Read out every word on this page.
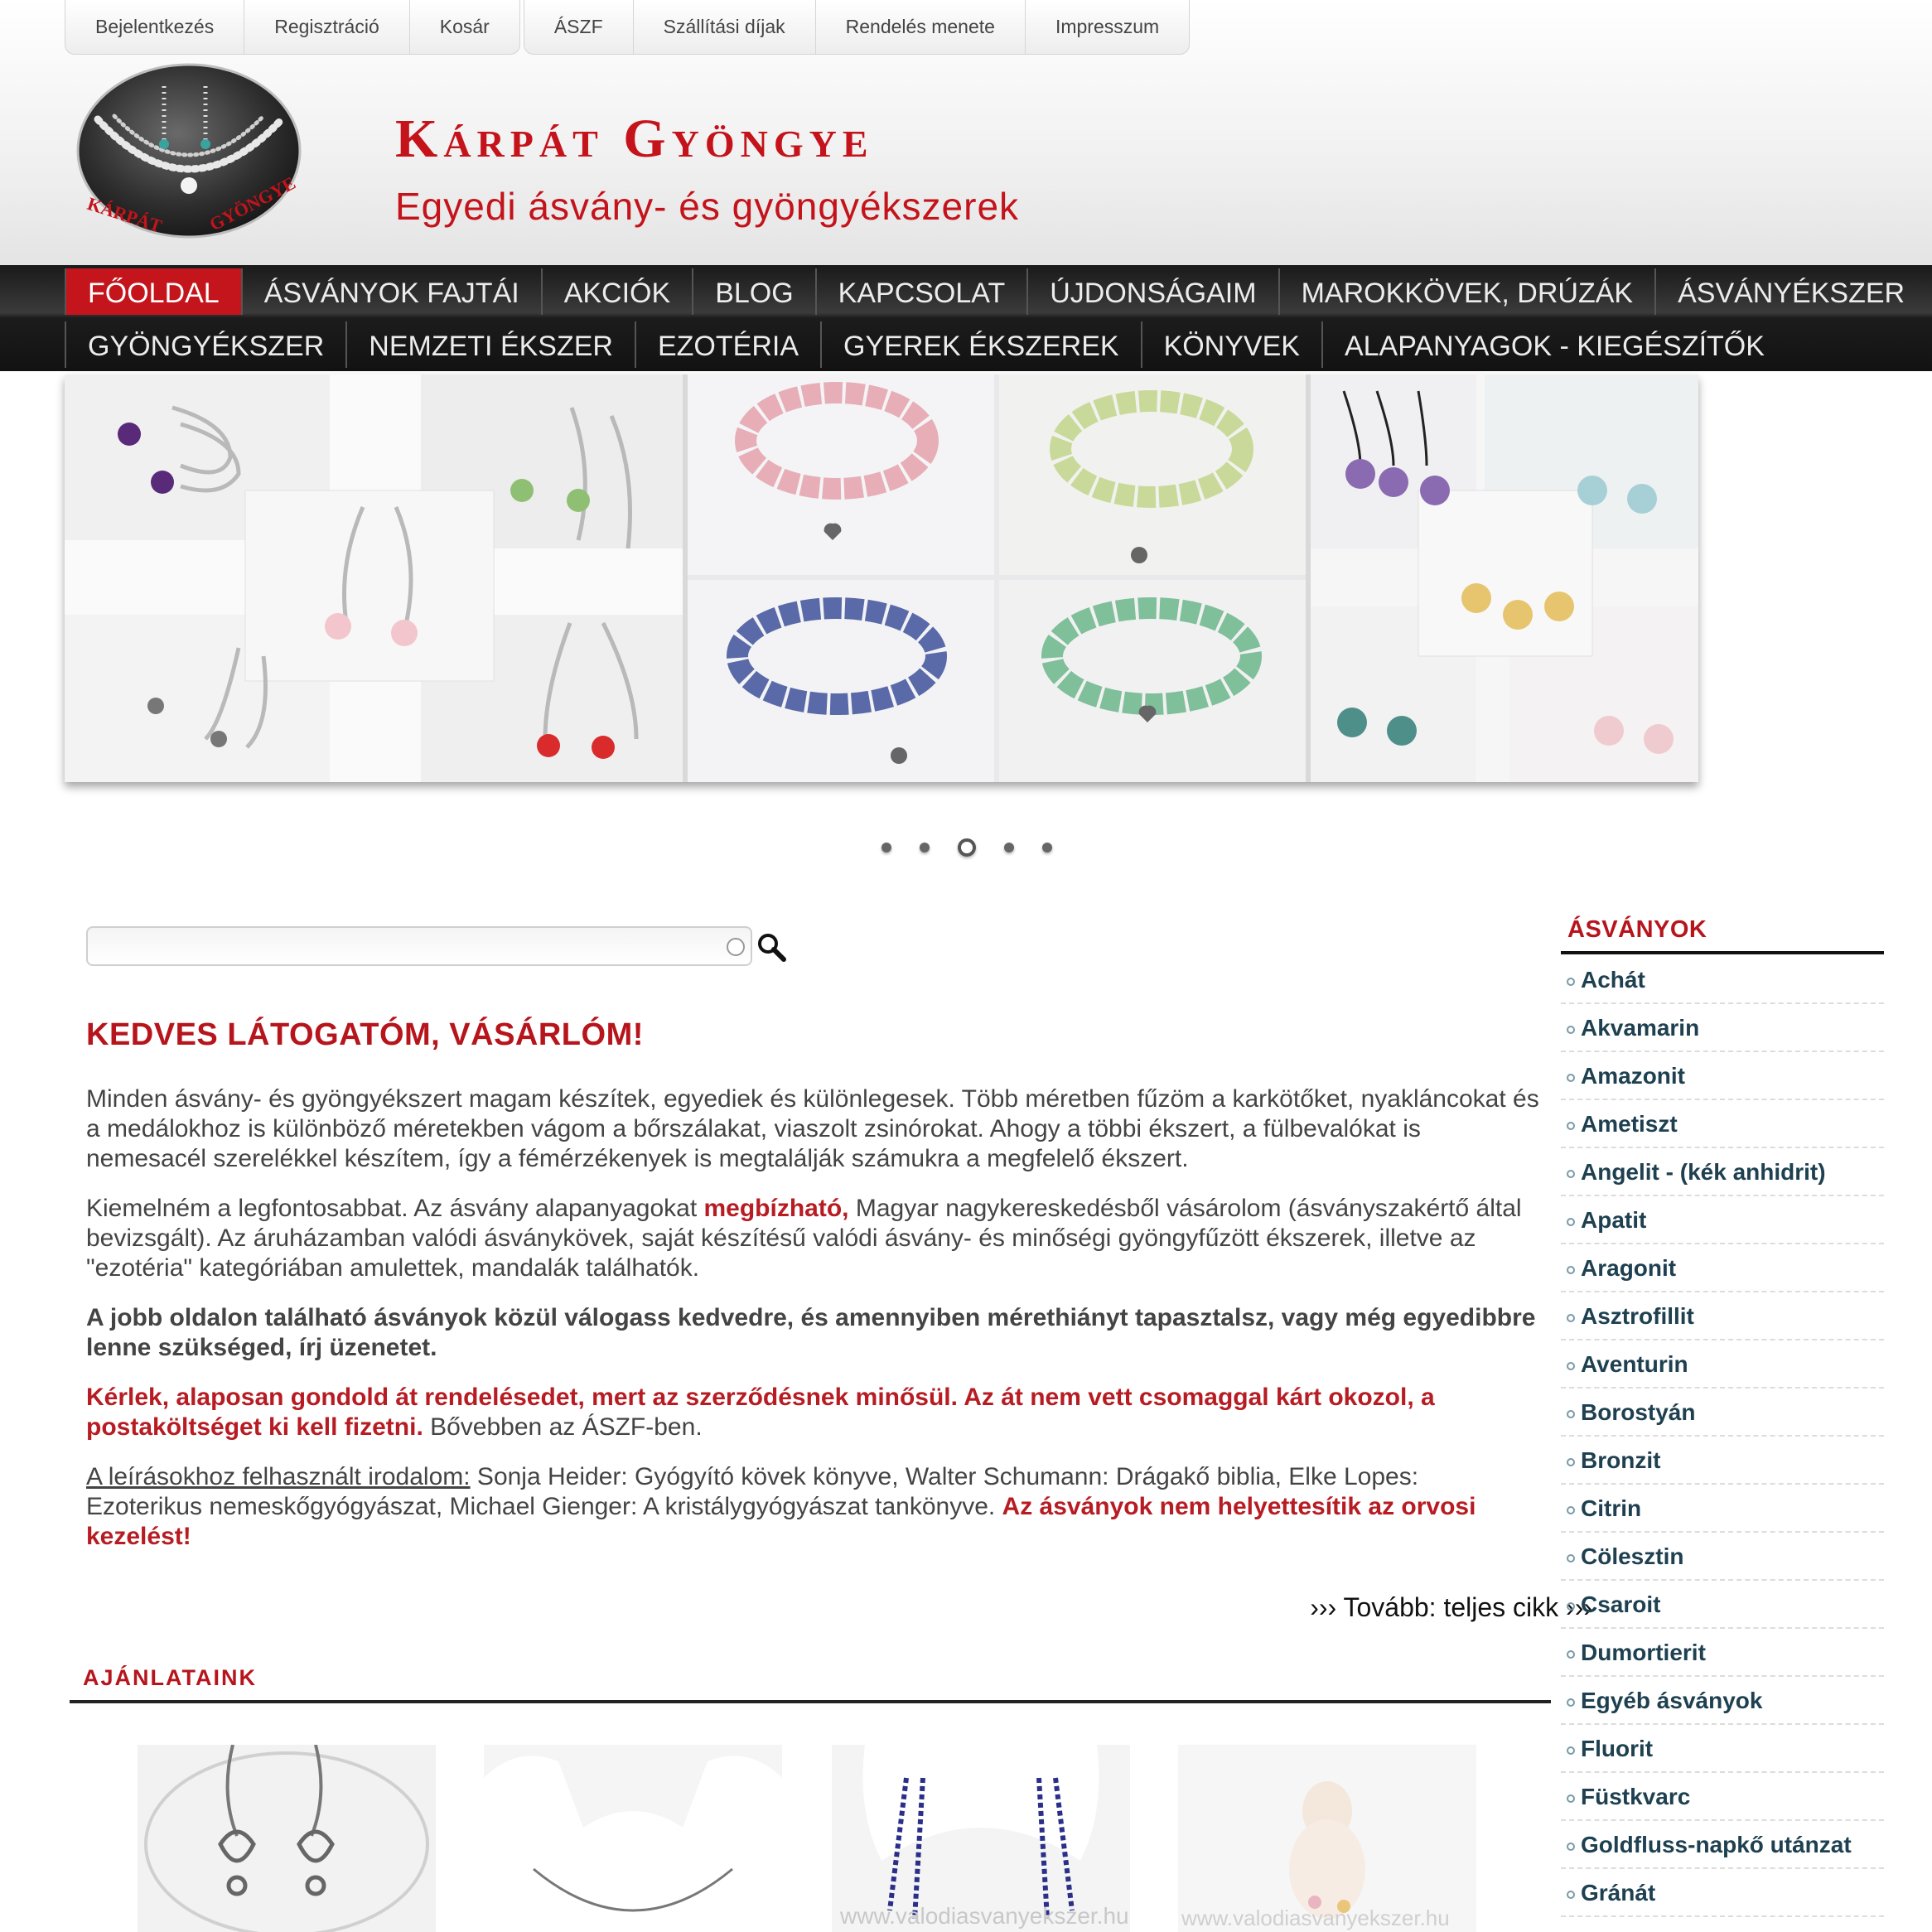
Bejelentkezés	Regisztráció	Kosár	ÁSZF	Szállítási díjak	Rendelés menete	Impresszum
KÁRPÁT GYÖNGYE
Kárpát Gyöngye
Egyedi ásvány- és gyöngyékszerek
FŐOLDAL	ÁSVÁNYOK FAJTÁI	AKCIÓK	BLOG	KAPCSOLAT	ÚJDONSÁGAIM	MAROKKÖVEK, DRÚZÁK	ÁSVÁNYÉKSZER
GYÖNGYÉKSZER	NEMZETI ÉKSZER	EZOTÉRIA	GYEREK ÉKSZEREK	KÖNYVEK	ALAPANYAGOK - KIEGÉSZÍTŐK
KEDVES LÁTOGATÓM, VÁSÁRLÓM!

Minden ásvány- és gyöngyékszert magam készítek, egyediek és különlegesek. Több méretben fűzöm a karkötőket, nyakláncokat és a medálokhoz is különböző méretekben vágom a bőrszálakat, viaszolt zsinórokat. Ahogy a többi ékszert, a fülbevalókat is nemesacél szerelékkel készítem, így a fémérzékenyek is megtalálják számukra a megfelelő ékszert.

Kiemelném a legfontosabbat. Az ásvány alapanyagokat megbízható, Magyar nagykereskedésből vásárolom (ásványszakértő által bevizsgált). Az áruházamban valódi ásványkövek, saját készítésű valódi ásvány- és minőségi gyöngyfűzött ékszerek, illetve az "ezotéria" kategóriában amulettek, mandalák találhatók.

A jobb oldalon található ásványok közül válogass kedvedre, és amennyiben mérethiányt tapasztalsz, vagy még egyedibbre lenne szükséged, írj üzenetet.

Kérlek, alaposan gondold át rendelésedet, mert az szerződésnek minősül. Az át nem vett csomaggal kárt okozol, a postaköltséget ki kell fizetni. Bővebben az ÁSZF-ben.

A leírásokhoz felhasznált irodalom: Sonja Heider: Gyógyító kövek könyve, Walter Schumann: Drágakő biblia, Elke Lopes: Ezoterikus nemeskőgyógyászat, Michael Gienger: A kristálygyógyászat tankönyve. Az ásványok nem helyettesítik az orvosi kezelést!

››› Tovább: teljes cikk ›››
AJÁNLATAINK
www.valodiasvanyekszer.hu www.valodiasvanyekszer.hu
ÁSVÁNYOK
Achát
Akvamarin
Amazonit
Ametiszt
Angelit - (kék anhidrit)
Apatit
Aragonit
Asztrofillit
Aventurin
Borostyán
Bronzit
Citrin
Cölesztin
Csaroit
Dumortierit
Egyéb ásványok
Fluorit
Füstkvarc
Goldfluss-napkő utánzat
Gránát
